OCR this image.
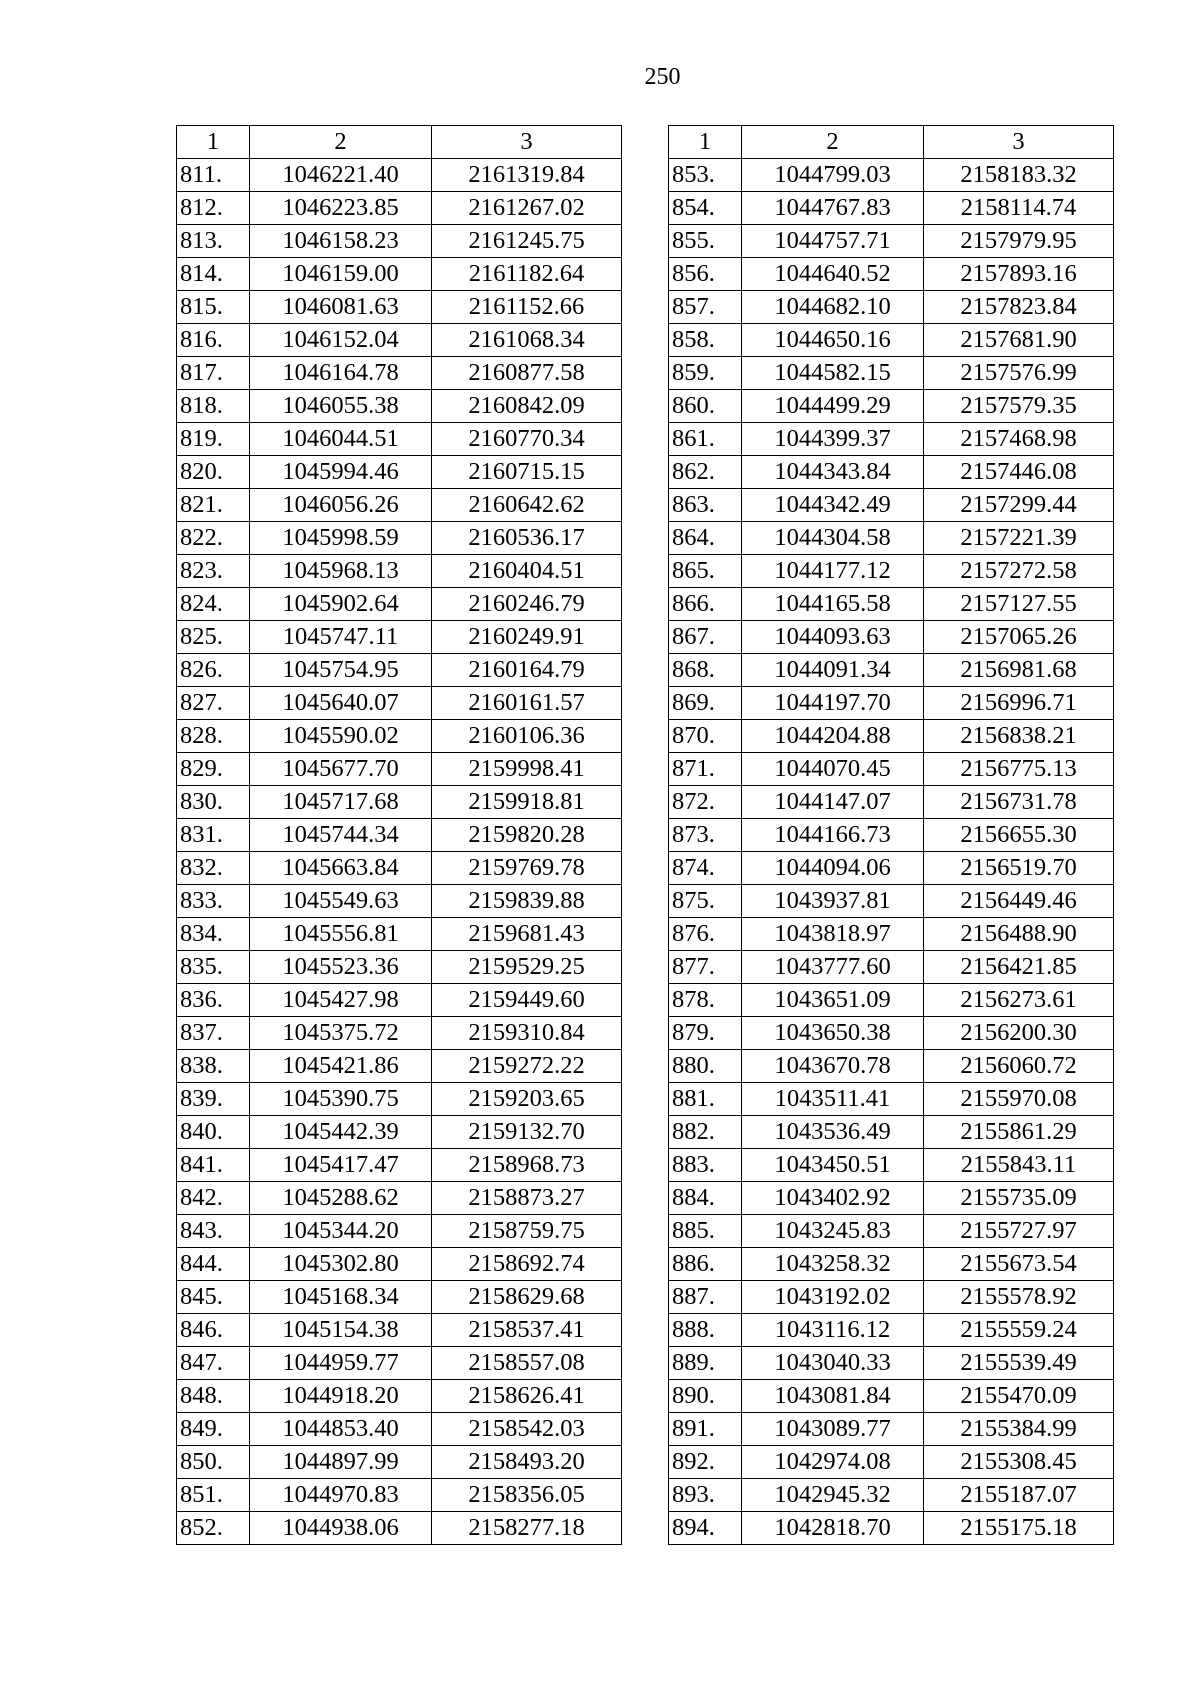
250
1	2	3
811.	1046221.40	2161319.84
812.	1046223.85	2161267.02
813.	1046158.23	2161245.75
814.	1046159.00	2161182.64
815.	1046081.63	2161152.66
816.	1046152.04	2161068.34
817.	1046164.78	2160877.58
818.	1046055.38	2160842.09
819.	1046044.51	2160770.34
820.	1045994.46	2160715.15
821.	1046056.26	2160642.62
822.	1045998.59	2160536.17
823.	1045968.13	2160404.51
824.	1045902.64	2160246.79
825.	1045747.11	2160249.91
826.	1045754.95	2160164.79
827.	1045640.07	2160161.57
828.	1045590.02	2160106.36
829.	1045677.70	2159998.41
830.	1045717.68	2159918.81
831.	1045744.34	2159820.28
832.	1045663.84	2159769.78
833.	1045549.63	2159839.88
834.	1045556.81	2159681.43
835.	1045523.36	2159529.25
836.	1045427.98	2159449.60
837.	1045375.72	2159310.84
838.	1045421.86	2159272.22
839.	1045390.75	2159203.65
840.	1045442.39	2159132.70
841.	1045417.47	2158968.73
842.	1045288.62	2158873.27
843.	1045344.20	2158759.75
844.	1045302.80	2158692.74
845.	1045168.34	2158629.68
846.	1045154.38	2158537.41
847.	1044959.77	2158557.08
848.	1044918.20	2158626.41
849.	1044853.40	2158542.03
850.	1044897.99	2158493.20
851.	1044970.83	2158356.05
852.	1044938.06	2158277.18
1	2	3
853.	1044799.03	2158183.32
854.	1044767.83	2158114.74
855.	1044757.71	2157979.95
856.	1044640.52	2157893.16
857.	1044682.10	2157823.84
858.	1044650.16	2157681.90
859.	1044582.15	2157576.99
860.	1044499.29	2157579.35
861.	1044399.37	2157468.98
862.	1044343.84	2157446.08
863.	1044342.49	2157299.44
864.	1044304.58	2157221.39
865.	1044177.12	2157272.58
866.	1044165.58	2157127.55
867.	1044093.63	2157065.26
868.	1044091.34	2156981.68
869.	1044197.70	2156996.71
870.	1044204.88	2156838.21
871.	1044070.45	2156775.13
872.	1044147.07	2156731.78
873.	1044166.73	2156655.30
874.	1044094.06	2156519.70
875.	1043937.81	2156449.46
876.	1043818.97	2156488.90
877.	1043777.60	2156421.85
878.	1043651.09	2156273.61
879.	1043650.38	2156200.30
880.	1043670.78	2156060.72
881.	1043511.41	2155970.08
882.	1043536.49	2155861.29
883.	1043450.51	2155843.11
884.	1043402.92	2155735.09
885.	1043245.83	2155727.97
886.	1043258.32	2155673.54
887.	1043192.02	2155578.92
888.	1043116.12	2155559.24
889.	1043040.33	2155539.49
890.	1043081.84	2155470.09
891.	1043089.77	2155384.99
892.	1042974.08	2155308.45
893.	1042945.32	2155187.07
894.	1042818.70	2155175.18
